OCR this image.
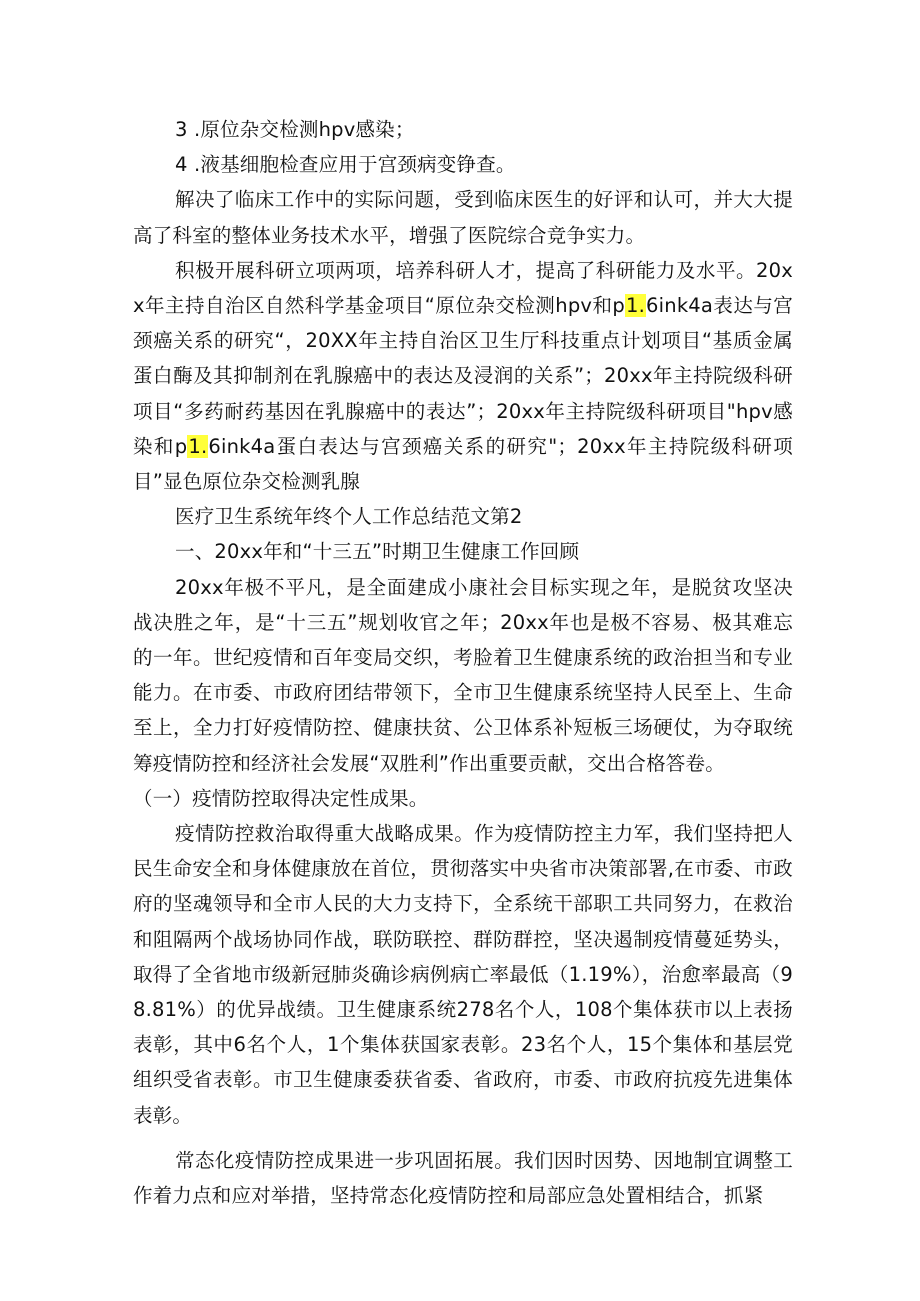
3 .原位杂交检测hpv感染；

4 .液基细胞检查应用于宫颈病变铮查。

解决了临床工作中的实际问题，受到临床医生的好评和认可，并大大提高了科室的整体业务技术水平，增强了医院综合竞争实力。

积极开展科研立项两项，培养科研人才，提高了科研能力及水平。20xx年主持自治区自然科学基金项目“原位杂交检测hpv和p1.6ink4a表达与宫颈癌关系的研究“，20XX年主持自治区卫生厅科技重点计划项目“基质金属蛋白酶及其抑制剂在乳腺癌中的表达及浸润的关系”；20xx年主持院级科研项目“多药耐药基因在乳腺癌中的表达”；20xx年主持院级科研项目"hpv感染和p1.6ink4a蛋白表达与宫颈癌关系的研究"；20xx年主持院级科研项目”显色原位杂交检测乳腺

医疗卫生系统年终个人工作总结范文第2

一、20xx年和“十三五”时期卫生健康工作回顾

20xx年极不平凡，是全面建成小康社会目标实现之年，是脱贫攻坚决战决胜之年，是“十三五”规划收官之年；20xx年也是极不容易、极其难忘的一年。世纪疫情和百年变局交织，考脸着卫生健康系统的政治担当和专业能力。在市委、市政府团结带领下，全市卫生健康系统坚持人民至上、生命至上，全力打好疫情防控、健康扶贫、公卫体系补短板三场硬仗，为夺取统筹疫情防控和经济社会发展“双胜利”作出重要贡献，交出合格答卷。

（一）疫情防控取得决定性成果。

疫情防控救治取得重大战略成果。作为疫情防控主力军，我们坚持把人民生命安全和身体健康放在首位，贯彻落实中央省市决策部署,在市委、市政府的坚魂领导和全市人民的大力支持下，全系统干部职工共同努力，在救治和阻隔两个战场协同作战，联防联控、群防群控，坚决遏制疫情蔓延势头，取得了全省地市级新冠肺炎确诊病例病亡率最低（1.19%），治愈率最高（98.81%）的优异战绩。卫生健康系统278名个人，108个集体获市以上表扬表彰，其中6名个人，1个集体获国家表彰。23名个人，15个集体和基层党组织受省表彰。市卫生健康委获省委、省政府，市委、市政府抗疫先进集体表彰。

常态化疫情防控成果进一步巩固拓展。我们因时因势、因地制宜调整工作着力点和应对举措，坚持常态化疫情防控和局部应急处置相结合，抓紧
